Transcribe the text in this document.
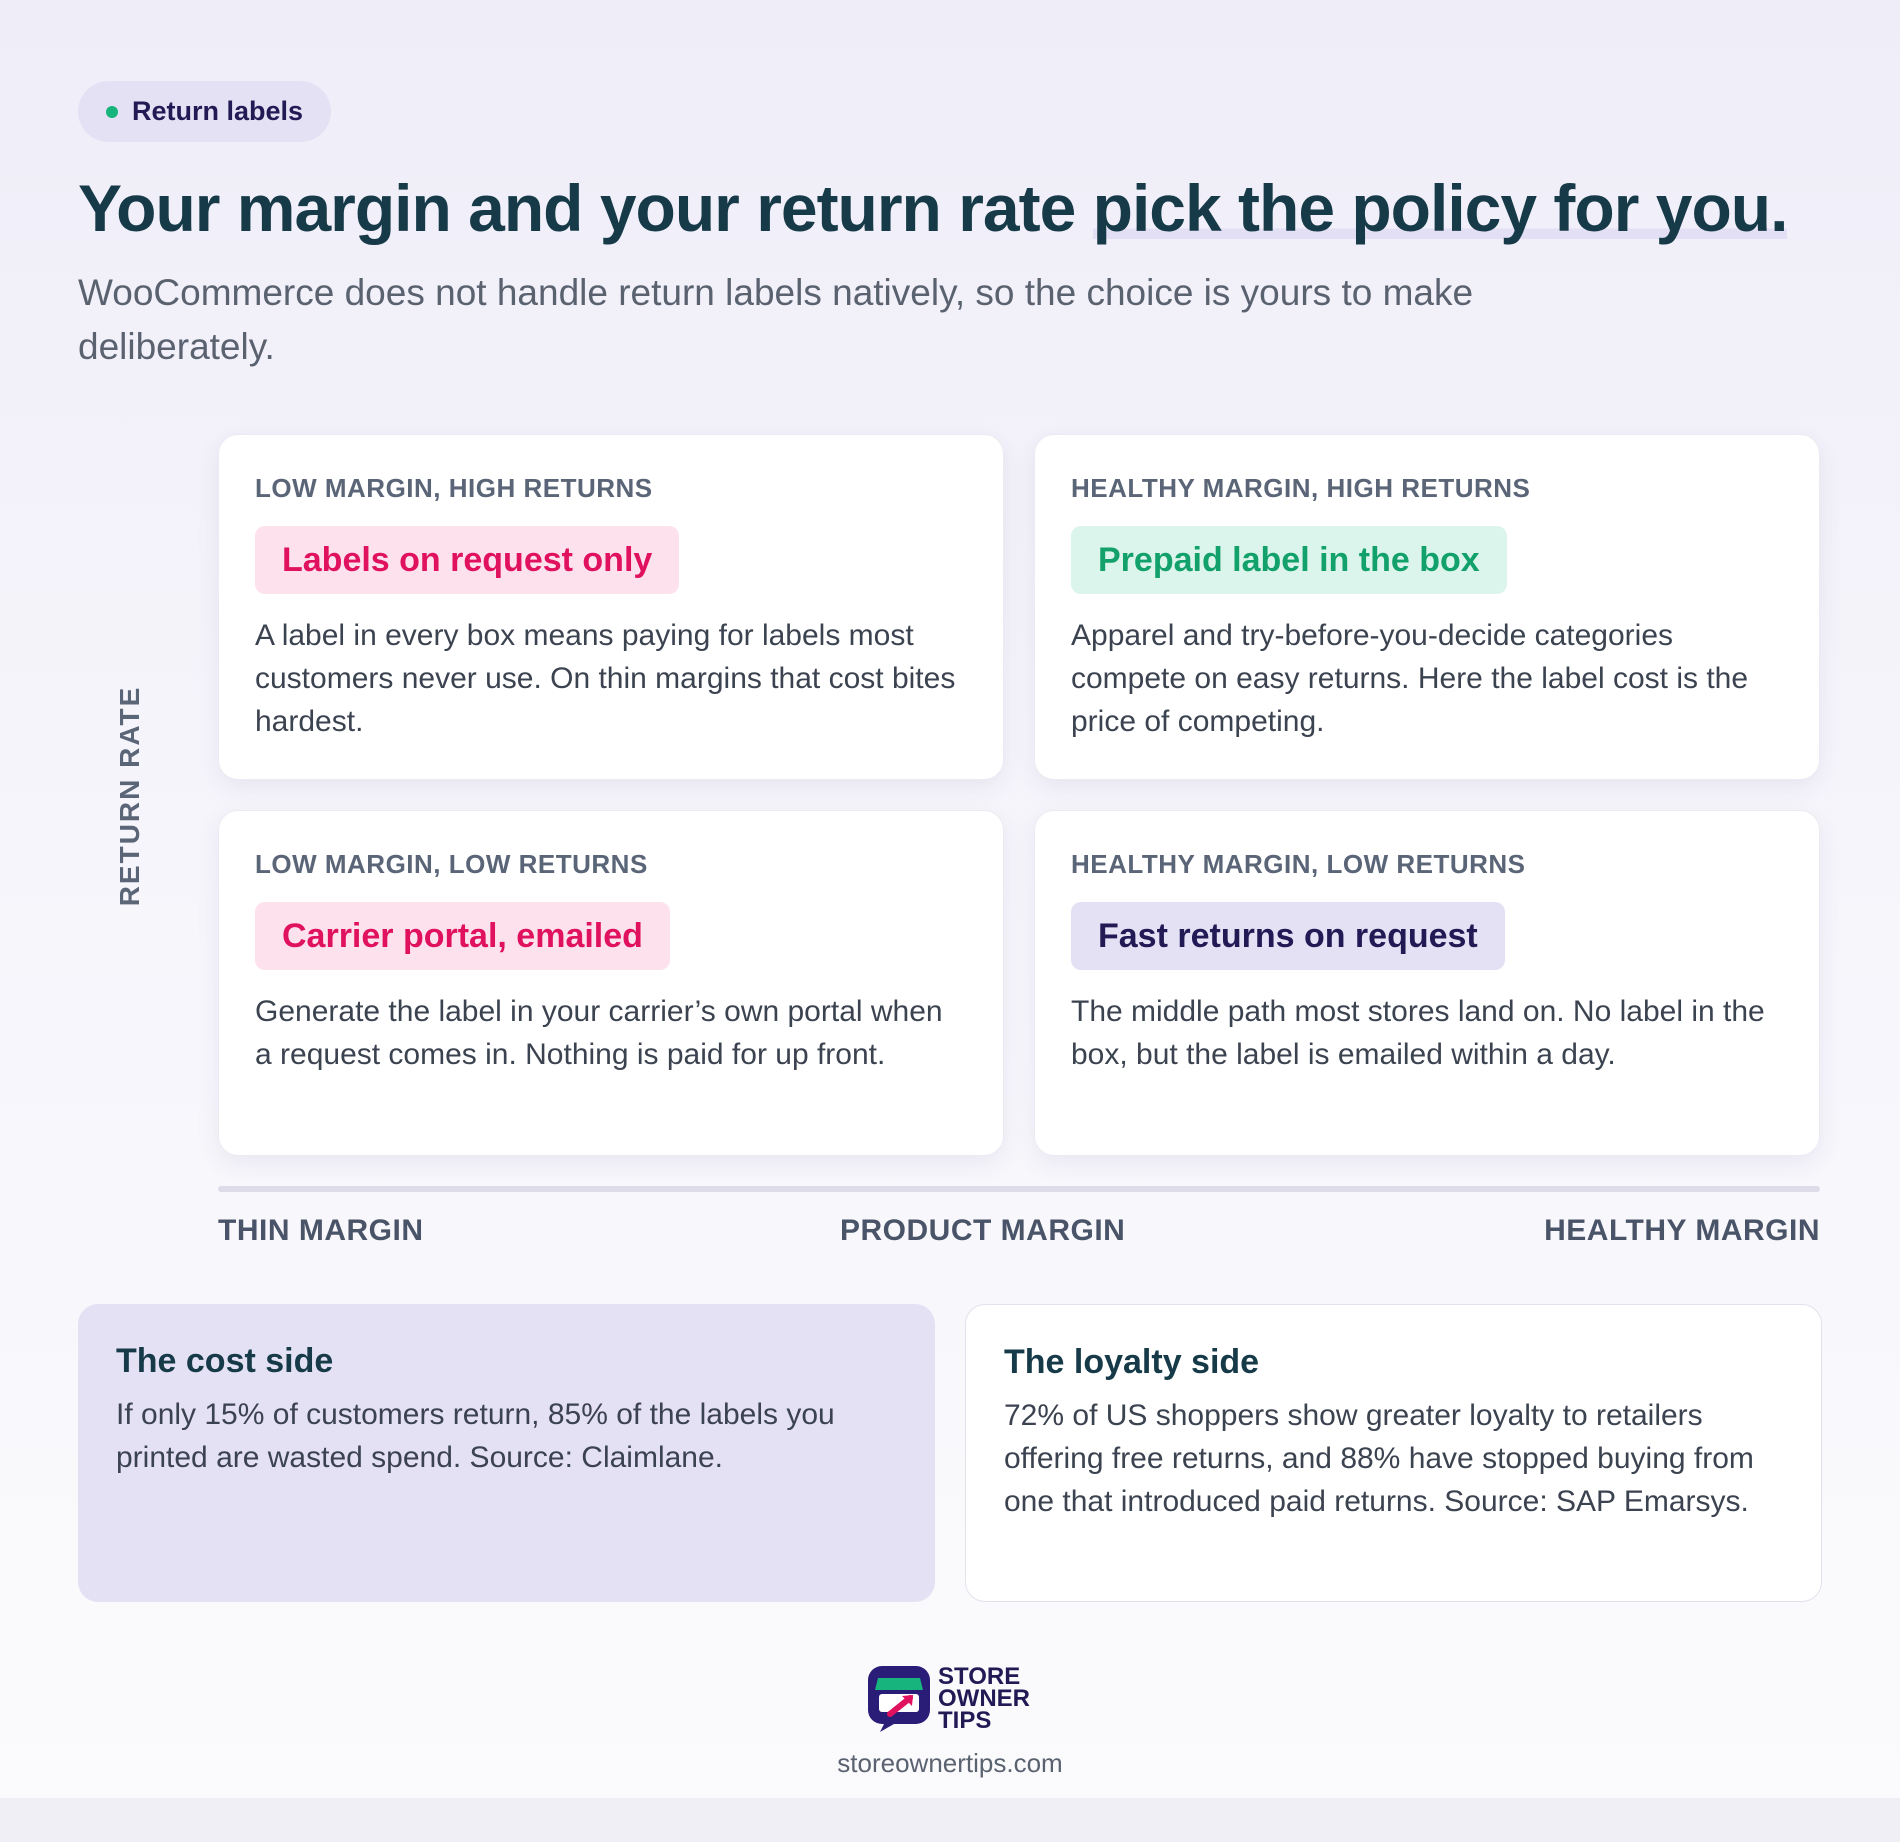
Return labels
Your margin and your return rate pick the policy for you.

WooCommerce does not handle return labels natively, so the choice is yours to make deliberately.

RETURN RATE
LOW MARGIN, HIGH RETURNS
Labels on request only

A label in every box means paying for labels most customers never use. On thin margins that cost bites hardest.

HEALTHY MARGIN, HIGH RETURNS
Prepaid label in the box

Apparel and try-before-you-decide categories compete on easy returns. Here the label cost is the price of competing.

LOW MARGIN, LOW RETURNS
Carrier portal, emailed

Generate the label in your carrier’s own portal when a request comes in. Nothing is paid for up front.

HEALTHY MARGIN, LOW RETURNS
Fast returns on request

The middle path most stores land on. No label in the box, but the label is emailed within a day.

THIN MARGIN	PRODUCT MARGIN	HEALTHY MARGIN
The cost side

If only 15% of customers return, 85% of the labels you printed are wasted spend. Source: Claimlane.

The loyalty side

72% of US shoppers show greater loyalty to retailers offering free returns, and 88% have stopped buying from one that introduced paid returns. Source: SAP Emarsys.

STORE
OWNER
TIPS
storeownertips.com
